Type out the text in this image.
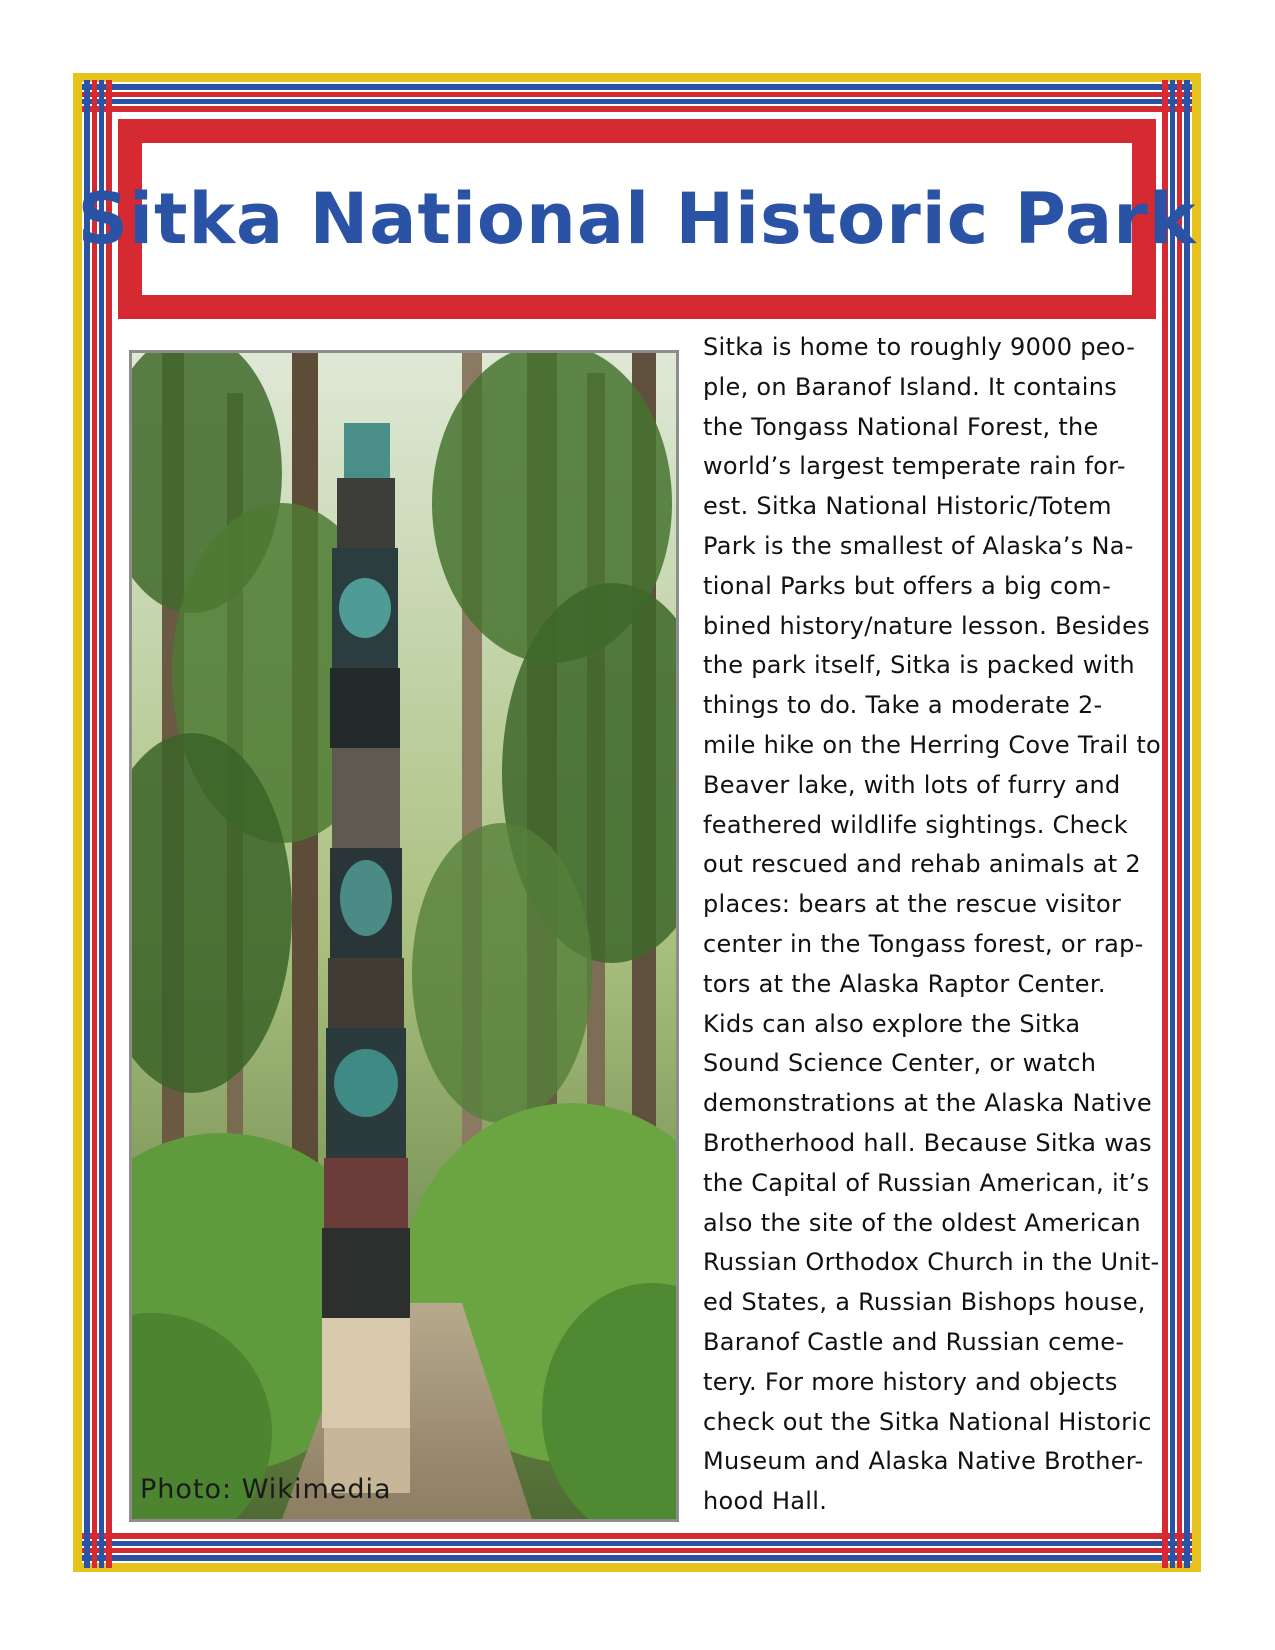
Sitka National Historic Park

Photo: Wikimedia

Sitka is home to roughly 9000 peo-
ple, on Baranof Island. It contains
the Tongass National Forest, the
world’s largest temperate rain for-
est. Sitka National Historic/Totem
Park is the smallest of Alaska’s Na-
tional Parks but offers a big com-
bined history/nature lesson. Besides
the park itself, Sitka is packed with
things to do. Take a moderate 2-
mile hike on the Herring Cove Trail to
Beaver lake, with lots of furry and
feathered wildlife sightings. Check
out rescued and rehab animals at 2
places: bears at the rescue visitor
center in the Tongass forest, or rap-
tors at the Alaska Raptor Center.
Kids can also explore the Sitka
Sound Science Center, or watch
demonstrations at the Alaska Native
Brotherhood hall. Because Sitka was
the Capital of Russian American, it’s
also the site of the oldest American
Russian Orthodox Church in the Unit-
ed States, a Russian Bishops house,
Baranof Castle and Russian ceme-
tery. For more history and objects
check out the Sitka National Historic
Museum and Alaska Native Brother-
hood Hall.
